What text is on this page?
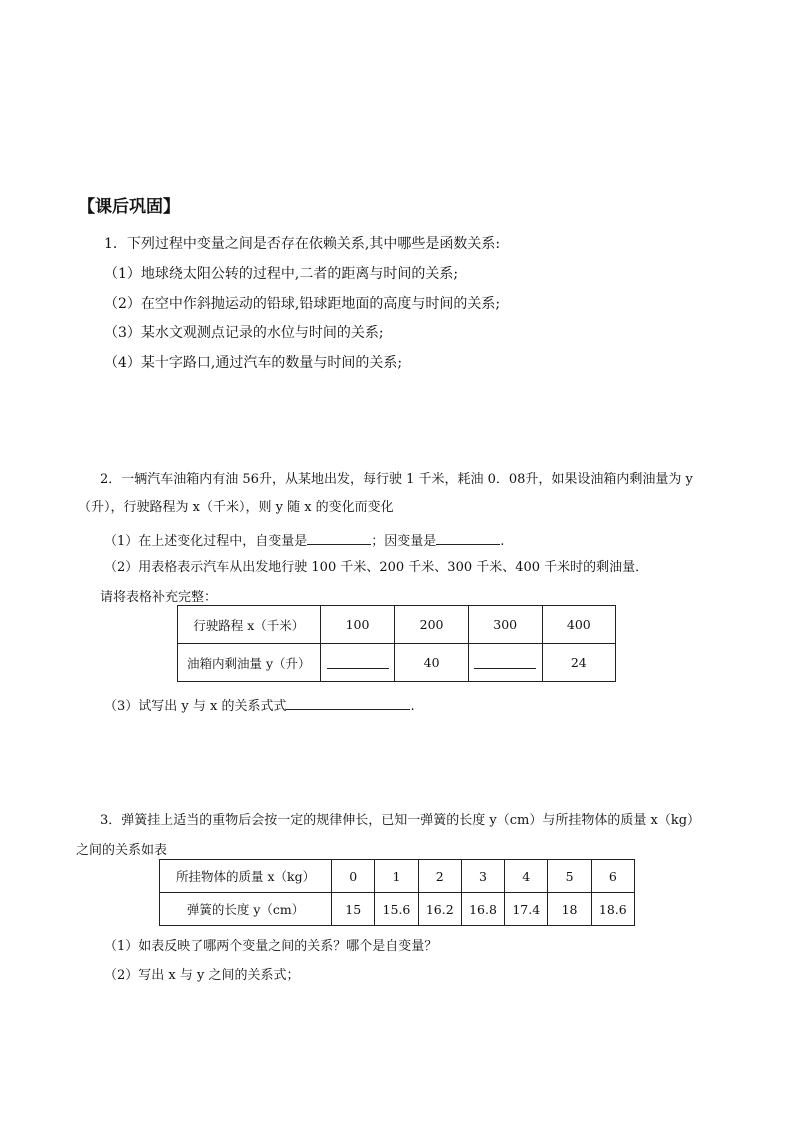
【课后巩固】
1．下列过程中变量之间是否存在依赖关系,其中哪些是函数关系:
（1）地球绕太阳公转的过程中,二者的距离与时间的关系;
（2）在空中作斜抛运动的铅球,铅球距地面的高度与时间的关系;
（3）某水文观测点记录的水位与时间的关系;
（4）某十字路口,通过汽车的数量与时间的关系;
2．一辆汽车油箱内有油 56升，从某地出发，每行驶 1 千米，耗油 0．08升，如果设油箱内剩油量为 y
（升），行驶路程为 x（千米），则 y 随 x 的变化而变化
（1）在上述变化过程中，自变量是	；因变量是	.
（2）用表格表示汽车从出发地行驶 100 千米、200 千米、300 千米、400 千米时的剩油量．
请将表格补充完整：
行驶路程 x（千米）	100	200	300	400
油箱内剩油量 y（升）		40		24
（3）试写出 y 与 x 的关系式式	.
3．弹簧挂上适当的重物后会按一定的规律伸长，已知一弹簧的长度 y（cm）与所挂物体的质量 x（kg）
之间的关系如表
所挂物体的质量 x（kg）	0	1	2	3	4	5	6
弹簧的长度 y（cm）	15	15.6	16.2	16.8	17.4	18	18.6
（1）如表反映了哪两个变量之间的关系？哪个是自变量？
（2）写出 x 与 y 之间的关系式；
